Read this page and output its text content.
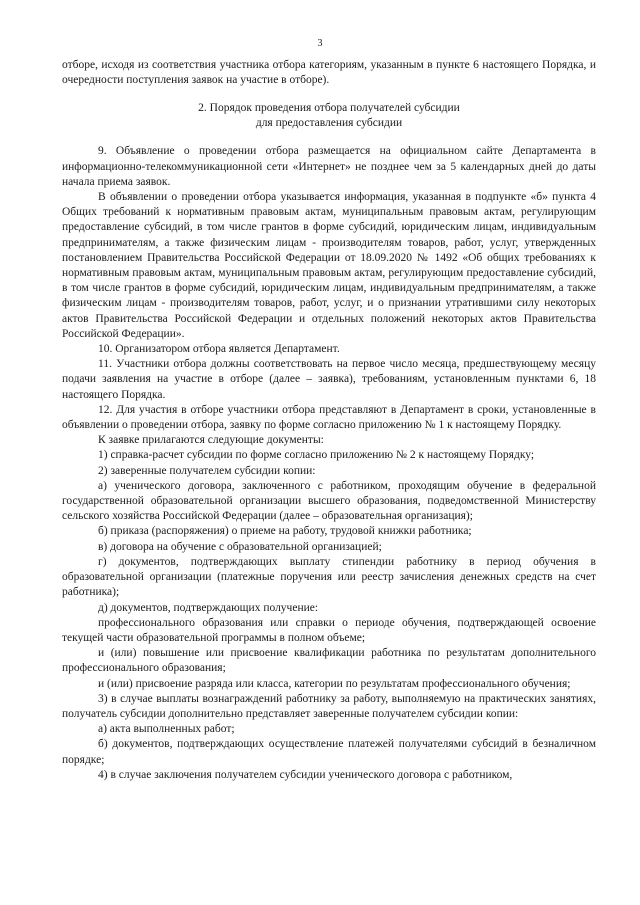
3

отборе, исходя из соответствия участника отбора категориям, указанным в пункте 6 настоящего Порядка, и очередности поступления заявок на участие в отборе).

2. Порядок проведения отбора получателей субсидии
для предоставления субсидии

9. Объявление о проведении отбора размещается на официальном сайте Департамента в информационно-телекоммуникационной сети «Интернет» не позднее чем за 5 календарных дней до даты начала приема заявок.

В объявлении о проведении отбора указывается информация, указанная в подпункте «б» пункта 4 Общих требований к нормативным правовым актам, муниципальным правовым актам, регулирующим предоставление субсидий, в том числе грантов в форме субсидий, юридическим лицам, индивидуальным предпринимателям, а также физическим лицам - производителям товаров, работ, услуг, утвержденных постановлением Правительства Российской Федерации от 18.09.2020 № 1492 «Об общих требованиях к нормативным правовым актам, муниципальным правовым актам, регулирующим предоставление субсидий, в том числе грантов в форме субсидий, юридическим лицам, индивидуальным предпринимателям, а также физическим лицам - производителям товаров, работ, услуг, и о признании утратившими силу некоторых актов Правительства Российской Федерации и отдельных положений некоторых актов Правительства Российской Федерации».

10. Организатором отбора является Департамент.

11. Участники отбора должны соответствовать на первое число месяца, предшествующему месяцу подачи заявления на участие в отборе (далее – заявка), требованиям, установленным пунктами 6, 18 настоящего Порядка.

12. Для участия в отборе участники отбора представляют в Департамент в сроки, установленные в объявлении о проведении отбора, заявку по форме согласно приложению № 1 к настоящему Порядку.

К заявке прилагаются следующие документы:

1) справка-расчет субсидии по форме согласно приложению № 2 к настоящему Порядку;

2) заверенные получателем субсидии копии:

а) ученического договора, заключенного с работником, проходящим обучение в федеральной государственной образовательной организации высшего образования, подведомственной Министерству сельского хозяйства Российской Федерации (далее – образовательная организация);

б) приказа (распоряжения) о приеме на работу, трудовой книжки работника;

в) договора на обучение с образовательной организацией;

г) документов, подтверждающих выплату стипендии работнику в период обучения в образовательной организации (платежные поручения или реестр зачисления денежных средств на счет работника);

д) документов, подтверждающих получение:

профессионального образования или справки о периоде обучения, подтверждающей освоение текущей части образовательной программы в полном объеме;

и (или) повышение или присвоение квалификации работника по результатам дополнительного профессионального образования;

и (или) присвоение разряда или класса, категории по результатам профессионального обучения;

3) в случае выплаты вознаграждений работнику за работу, выполняемую на практических занятиях, получатель субсидии дополнительно представляет заверенные получателем субсидии копии:

а) акта выполненных работ;

б) документов, подтверждающих осуществление платежей получателями субсидий в безналичном порядке;

4) в случае заключения получателем субсидии ученического договора с работником,
